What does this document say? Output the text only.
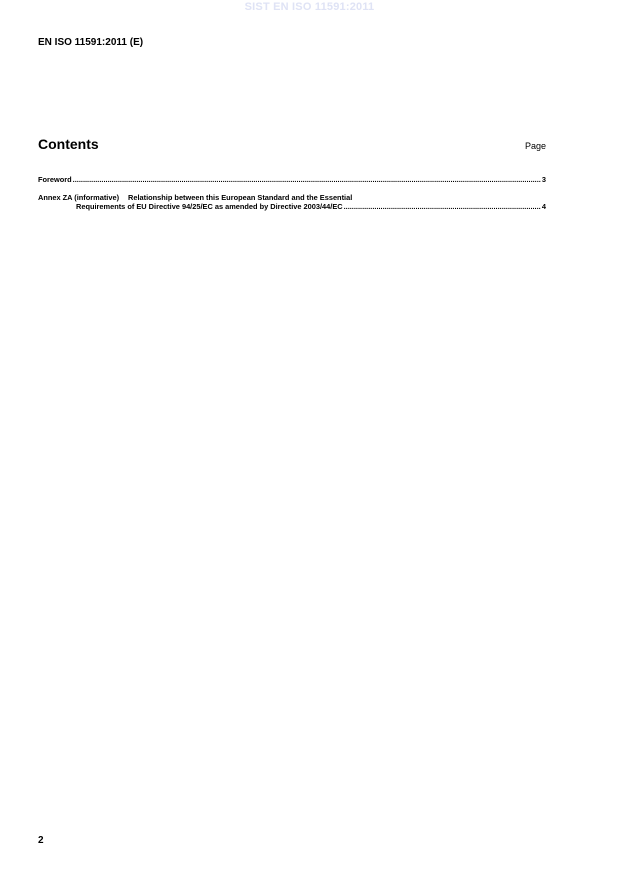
SIST EN ISO 11591:2011
EN ISO 11591:2011 (E)
Contents	Page
Foreword .....	3
Annex ZA (informative) Relationship between this European Standard and the Essential
Requirements of EU Directive 94/25/EC as amended by Directive 2003/44/EC .....	4
2
